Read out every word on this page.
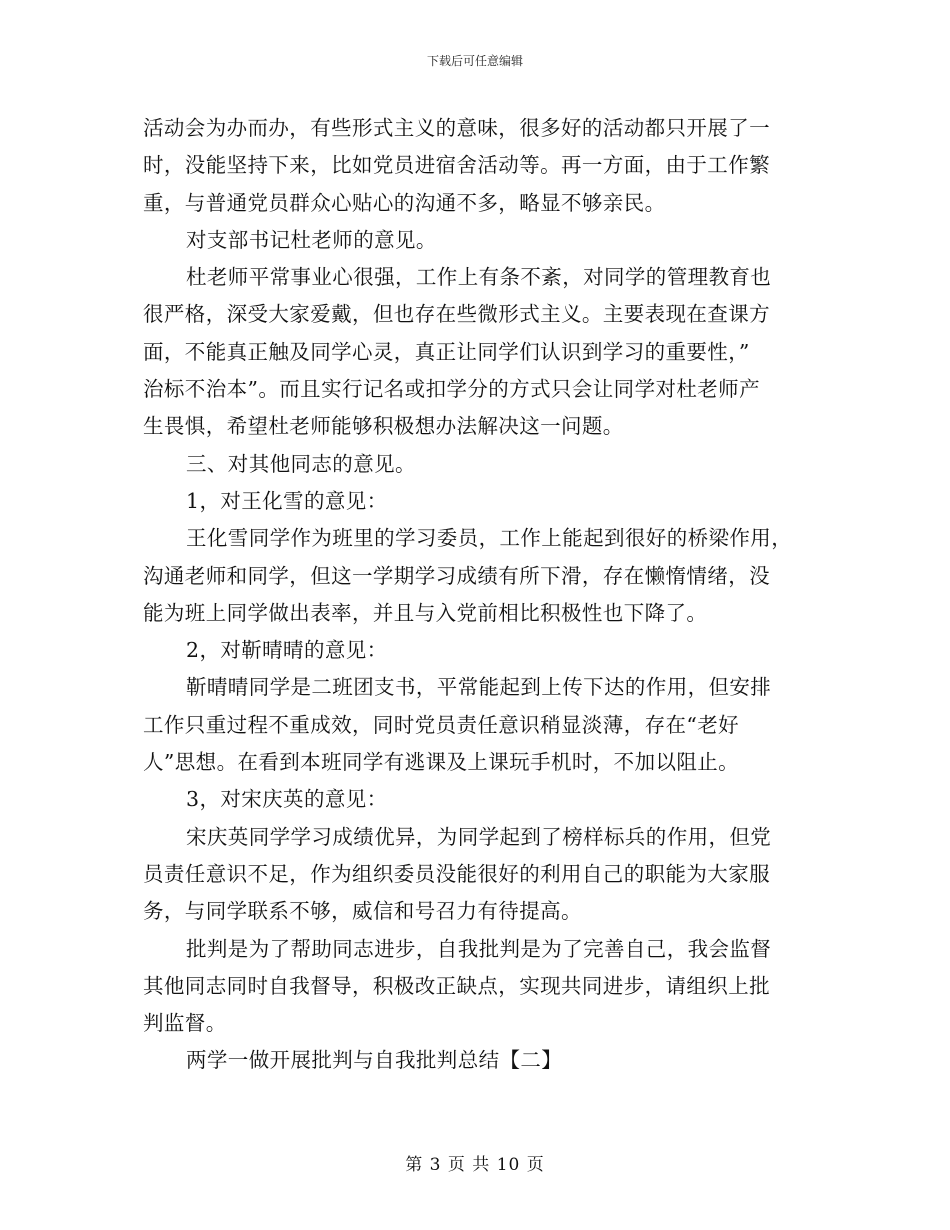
下载后可任意编辑
活动会为办而办，有些形式主义的意味，很多好的活动都只开展了一
时，没能坚持下来，比如党员进宿舍活动等。再一方面，由于工作繁
重，与普通党员群众心贴心的沟通不多，略显不够亲民。
对支部书记杜老师的意见。
杜老师平常事业心很强，工作上有条不紊，对同学的管理教育也
很严格，深受大家爱戴，但也存在些微形式主义。主要表现在查课方
面，不能真正触及同学心灵，真正让同学们认识到学习的重要性，”
治标不治本”。而且实行记名或扣学分的方式只会让同学对杜老师产
生畏惧，希望杜老师能够积极想办法解决这一问题。
三、对其他同志的意见。
1，对王化雪的意见：
王化雪同学作为班里的学习委员，工作上能起到很好的桥梁作用，
沟通老师和同学，但这一学期学习成绩有所下滑，存在懒惰情绪，没
能为班上同学做出表率，并且与入党前相比积极性也下降了。
2，对靳晴晴的意见：
靳晴晴同学是二班团支书，平常能起到上传下达的作用，但安排
工作只重过程不重成效，同时党员责任意识稍显淡薄，存在“老好
人”思想。在看到本班同学有逃课及上课玩手机时，不加以阻止。
3，对宋庆英的意见：
宋庆英同学学习成绩优异，为同学起到了榜样标兵的作用，但党
员责任意识不足，作为组织委员没能很好的利用自己的职能为大家服
务，与同学联系不够，威信和号召力有待提高。
批判是为了帮助同志进步，自我批判是为了完善自己，我会监督
其他同志同时自我督导，积极改正缺点，实现共同进步，请组织上批
判监督。
两学一做开展批判与自我批判总结【二】
第 3 页 共 10 页
